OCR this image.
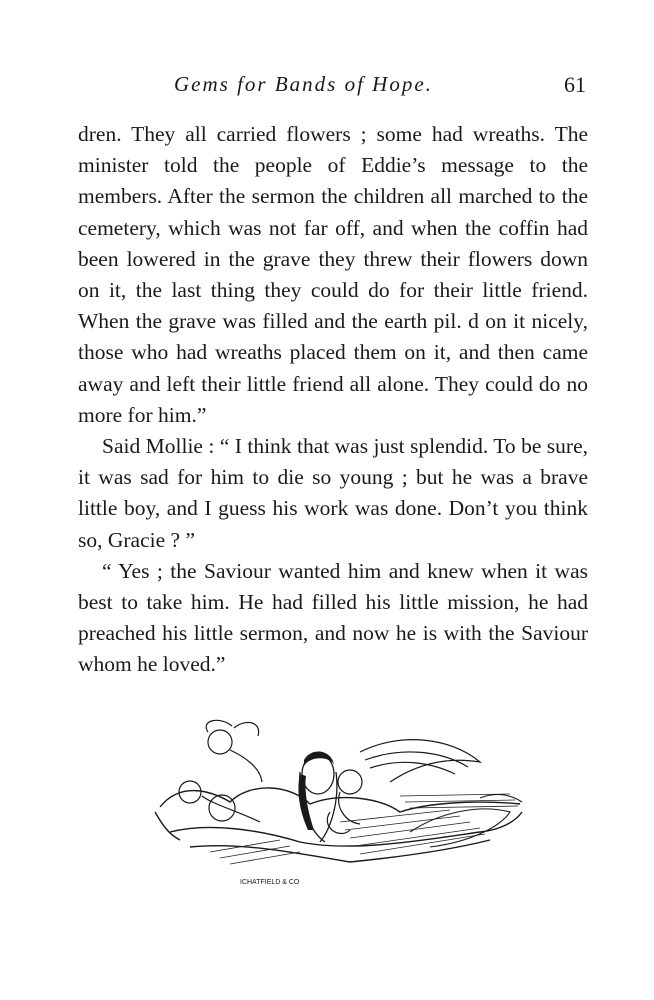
Gems for Bands of Hope.	61

dren. They all carried flowers ; some had wreaths. The minister told the people of Eddie’s message to the members. After the sermon the children all marched to the cemetery, which was not far off, and when the coffin had been lowered in the grave they threw their flowers down on it, the last thing they could do for their little friend. When the grave was filled and the earth pil. d on it nicely, those who had wreaths placed them on it, and then came away and left their little friend all alone. They could do no more for him.”

Said Mollie : “ I think that was just splendid. To be sure, it was sad for him to die so young ; but he was a brave little boy, and I guess his work was done. Don’t you think so, Gracie ? ”

“ Yes ; the Saviour wanted him and knew when it was best to take him. He had filled his little mission, he had preached his little sermon, and now he is with the Saviour whom he loved.”

ICHATFIELD & CO
